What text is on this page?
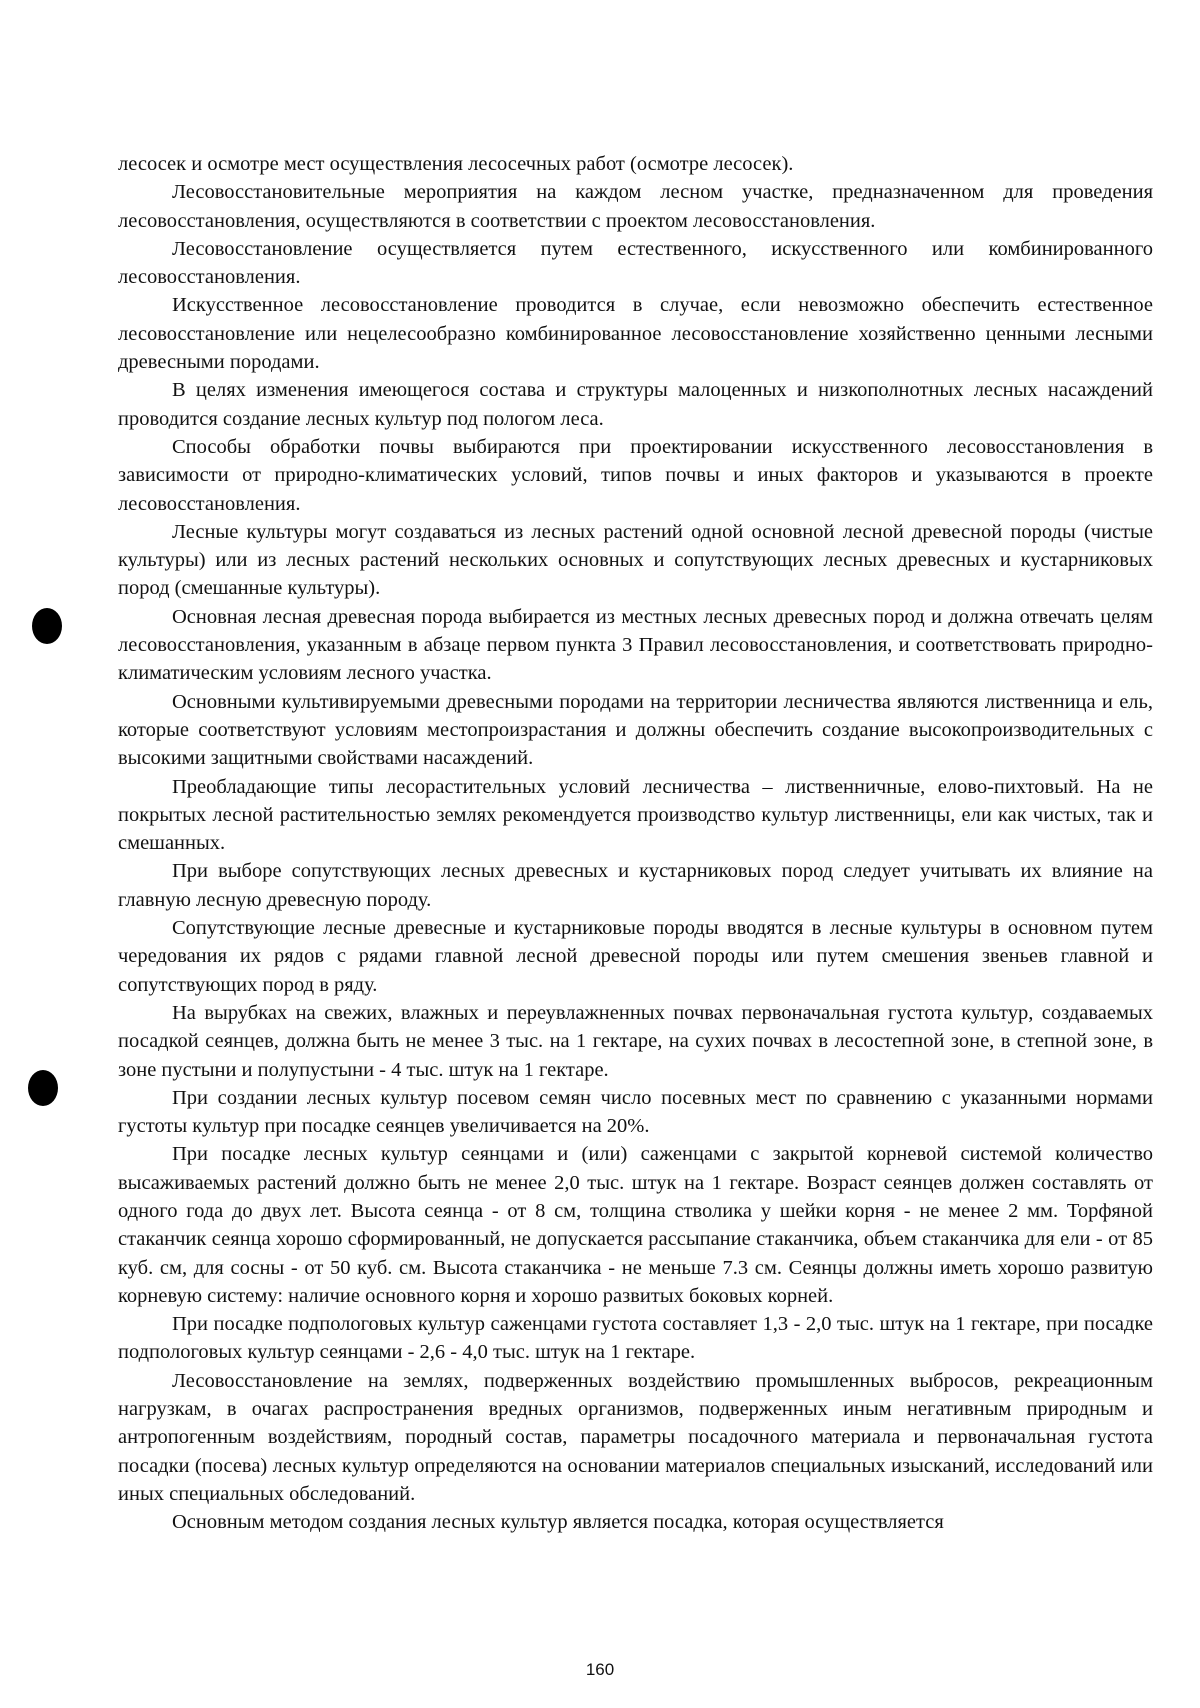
лесосек и осмотре мест осуществления лесосечных работ (осмотре лесосек).

Лесовосстановительные мероприятия на каждом лесном участке, предназначенном для проведения лесовосстановления, осуществляются в соответствии с проектом лесовосстановления.

Лесовосстановление осуществляется путем естественного, искусственного или комбинированного лесовосстановления.

Искусственное лесовосстановление проводится в случае, если невозможно обеспечить естественное лесовосстановление или нецелесообразно комбинированное лесовосстановление хозяйственно ценными лесными древесными породами.

В целях изменения имеющегося состава и структуры малоценных и низкополнотных лесных насаждений проводится создание лесных культур под пологом леса.

Способы обработки почвы выбираются при проектировании искусственного лесовосстановления в зависимости от природно-климатических условий, типов почвы и иных факторов и указываются в проекте лесовосстановления.

Лесные культуры могут создаваться из лесных растений одной основной лесной древесной породы (чистые культуры) или из лесных растений нескольких основных и сопутствующих лесных древесных и кустарниковых пород (смешанные культуры).

Основная лесная древесная порода выбирается из местных лесных древесных пород и должна отвечать целям лесовосстановления, указанным в абзаце первом пункта 3 Правил лесовосстановления, и соответствовать природно-климатическим условиям лесного участка.

Основными культивируемыми древесными породами на территории лесничества являются лиственница и ель, которые соответствуют условиям местопроизрастания и должны обеспечить создание высокопроизводительных с высокими защитными свойствами насаждений.

Преобладающие типы лесорастительных условий лесничества – лиственничные, елово-пихтовый. На не покрытых лесной растительностью землях рекомендуется производство культур лиственницы, ели как чистых, так и смешанных.

При выборе сопутствующих лесных древесных и кустарниковых пород следует учитывать их влияние на главную лесную древесную породу.

Сопутствующие лесные древесные и кустарниковые породы вводятся в лесные культуры в основном путем чередования их рядов с рядами главной лесной древесной породы или путем смешения звеньев главной и сопутствующих пород в ряду.

На вырубках на свежих, влажных и переувлажненных почвах первоначальная густота культур, создаваемых посадкой сеянцев, должна быть не менее 3 тыс. на 1 гектаре, на сухих почвах в лесостепной зоне, в степной зоне, в зоне пустыни и полупустыни - 4 тыс. штук на 1 гектаре.

При создании лесных культур посевом семян число посевных мест по сравнению с указанными нормами густоты культур при посадке сеянцев увеличивается на 20%.

При посадке лесных культур сеянцами и (или) саженцами с закрытой корневой системой количество высаживаемых растений должно быть не менее 2,0 тыс. штук на 1 гектаре. Возраст сеянцев должен составлять от одного года до двух лет. Высота сеянца - от 8 см, толщина стволика у шейки корня - не менее 2 мм. Торфяной стаканчик сеянца хорошо сформированный, не допускается рассыпание стаканчика, объем стаканчика для ели - от 85 куб. см, для сосны - от 50 куб. см. Высота стаканчика - не меньше 7.3 см. Сеянцы должны иметь хорошо развитую корневую систему: наличие основного корня и хорошо развитых боковых корней.

При посадке подпологовых культур саженцами густота составляет 1,3 - 2,0 тыс. штук на 1 гектаре, при посадке подпологовых культур сеянцами - 2,6 - 4,0 тыс. штук на 1 гектаре.

Лесовосстановление на землях, подверженных воздействию промышленных выбросов, рекреационным нагрузкам, в очагах распространения вредных организмов, подверженных иным негативным природным и антропогенным воздействиям, породный состав, параметры посадочного материала и первоначальная густота посадки (посева) лесных культур определяются на основании материалов специальных изысканий, исследований или иных специальных обследований.

Основным методом создания лесных культур является посадка, которая осуществляется

160
